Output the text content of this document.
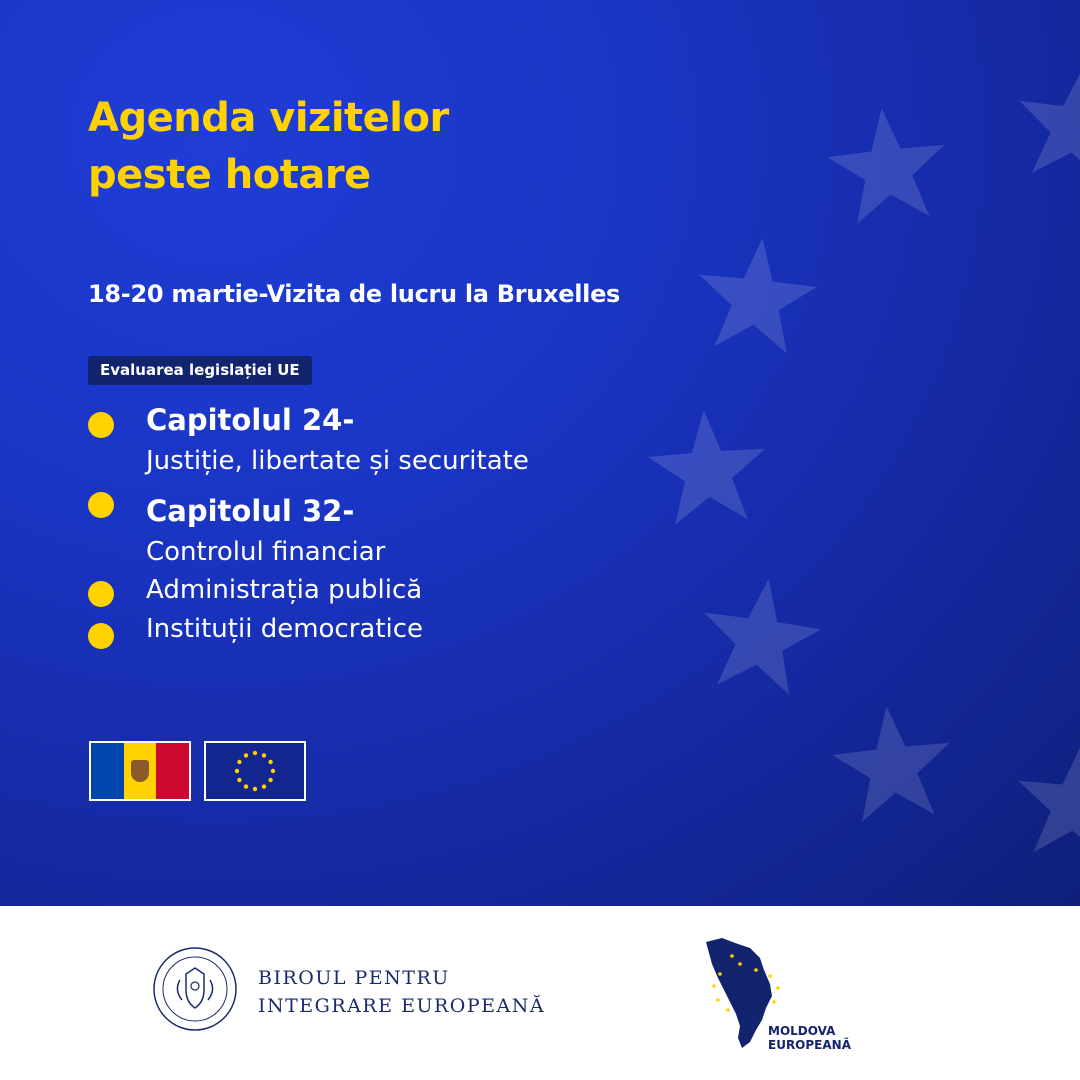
Agenda vizitelor
peste hotare
18-20 martie-Vizita de lucru la Bruxelles
Evaluarea legislației UE
Capitolul 24-
Justiție, libertate și securitate
Capitolul 32-
Controlul financiar
Administrația publică
Instituții democratice

BIROUL PENTRU
INTEGRARE EUROPEANĂ

MOLDOVA
EUROPEANĂ
